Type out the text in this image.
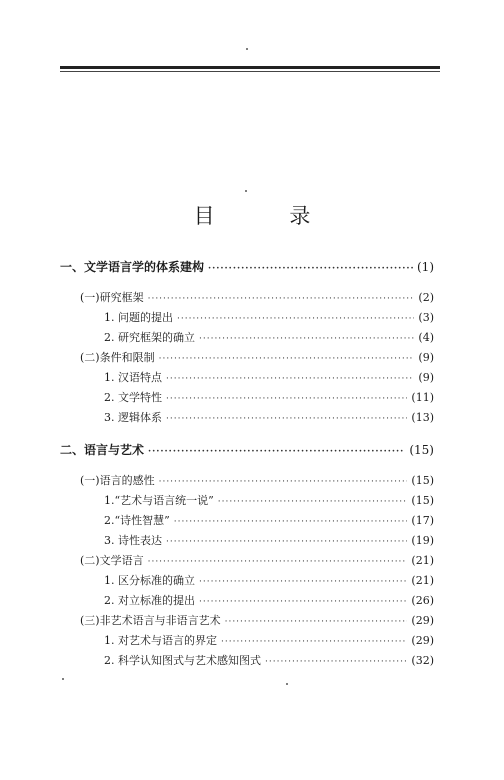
目 录
一、文学语言学的体系建构 ·····	(1)
(一)研究框架 ·····	(2)
1. 问题的提出 ·····	(3)
2. 研究框架的确立 ·····	(4)
(二)条件和限制 ·····	(9)
1. 汉语特点 ·····	(9)
2. 文学特性 ·····	(11)
3. 逻辑体系 ·····	(13)
二、语言与艺术 ·····	(15)
(一)语言的感性 ·····	(15)
1.“艺术与语言统一说” ·····	(15)
2.“诗性智慧” ·····	(17)
3. 诗性表达 ·····	(19)
(二)文学语言 ·····	(21)
1. 区分标准的确立 ·····	(21)
2. 对立标准的提出 ·····	(26)
(三)非艺术语言与非语言艺术 ·····	(29)
1. 对艺术与语言的界定 ·····	(29)
2. 科学认知图式与艺术感知图式 ·····	(32)
